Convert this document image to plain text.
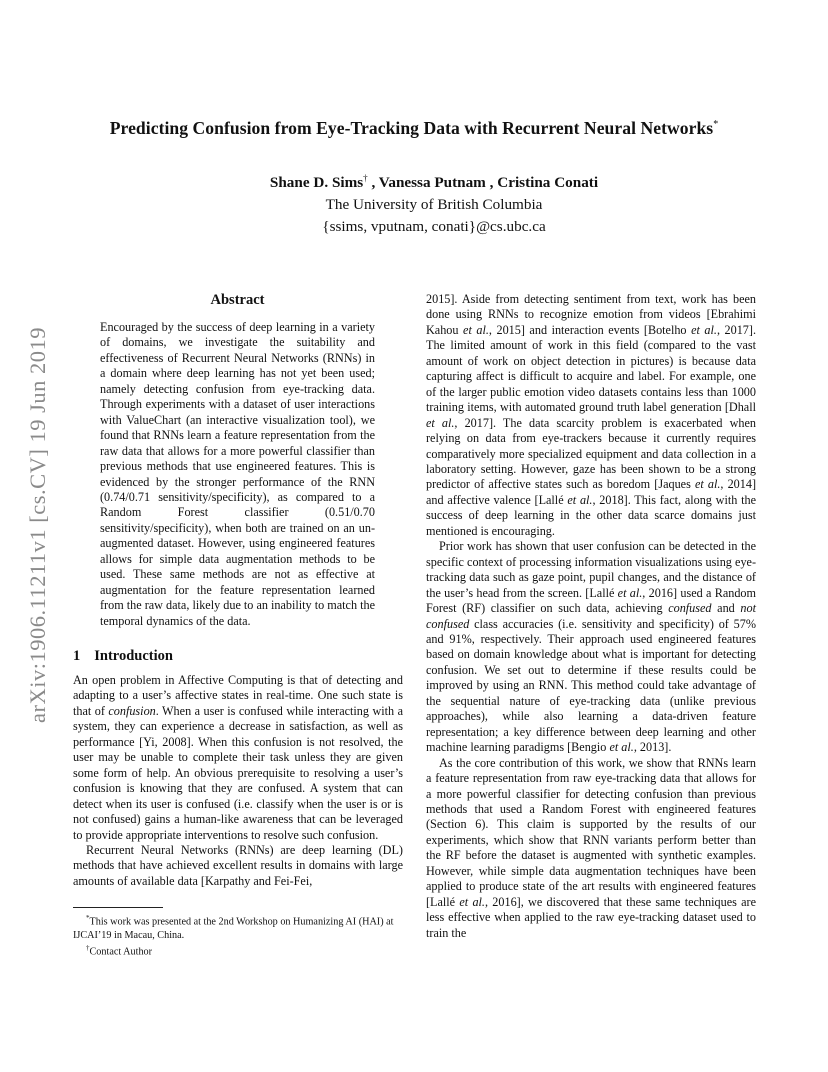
arXiv:1906.11211v1 [cs.CV] 19 Jun 2019
Predicting Confusion from Eye-Tracking Data with Recurrent Neural Networks*
Shane D. Sims† , Vanessa Putnam , Cristina Conati
The University of British Columbia
{ssims, vputnam, conati}@cs.ubc.ca
Abstract

Encouraged by the success of deep learning in a variety of domains, we investigate the suitability and effectiveness of Recurrent Neural Networks (RNNs) in a domain where deep learning has not yet been used; namely detecting confusion from eye-tracking data. Through experiments with a dataset of user interactions with ValueChart (an interactive visualization tool), we found that RNNs learn a feature representation from the raw data that allows for a more powerful classifier than previous methods that use engineered features. This is evidenced by the stronger performance of the RNN (0.74/0.71 sensitivity/specificity), as compared to a Random Forest classifier (0.51/0.70 sensitivity/specificity), when both are trained on an un-augmented dataset. However, using engineered features allows for simple data augmentation methods to be used. These same methods are not as effective at augmentation for the feature representation learned from the raw data, likely due to an inability to match the temporal dynamics of the data.

1 Introduction

An open problem in Affective Computing is that of detecting and adapting to a user’s affective states in real-time. One such state is that of confusion. When a user is confused while interacting with a system, they can experience a decrease in satisfaction, as well as performance [Yi, 2008]. When this confusion is not resolved, the user may be unable to complete their task unless they are given some form of help. An obvious prerequisite to resolving a user’s confusion is knowing that they are confused. A system that can detect when its user is confused (i.e. classify when the user is or is not confused) gains a human-like awareness that can be leveraged to provide appropriate interventions to resolve such confusion.

Recurrent Neural Networks (RNNs) are deep learning (DL) methods that have achieved excellent results in domains with large amounts of available data [Karpathy and Fei-Fei,

*This work was presented at the 2nd Workshop on Humanizing AI (HAI) at IJCAI’19 in Macau, China.

†Contact Author

2015]. Aside from detecting sentiment from text, work has been done using RNNs to recognize emotion from videos [Ebrahimi Kahou et al., 2015] and interaction events [Botelho et al., 2017]. The limited amount of work in this field (compared to the vast amount of work on object detection in pictures) is because data capturing affect is difficult to acquire and label. For example, one of the larger public emotion video datasets contains less than 1000 training items, with automated ground truth label generation [Dhall et al., 2017]. The data scarcity problem is exacerbated when relying on data from eye-trackers because it currently requires comparatively more specialized equipment and data collection in a laboratory setting. However, gaze has been shown to be a strong predictor of affective states such as boredom [Jaques et al., 2014] and affective valence [Lallé et al., 2018]. This fact, along with the success of deep learning in the other data scarce domains just mentioned is encouraging.

Prior work has shown that user confusion can be detected in the specific context of processing information visualizations using eye-tracking data such as gaze point, pupil changes, and the distance of the user’s head from the screen. [Lallé et al., 2016] used a Random Forest (RF) classifier on such data, achieving confused and not confused class accuracies (i.e. sensitivity and specificity) of 57% and 91%, respectively. Their approach used engineered features based on domain knowledge about what is important for detecting confusion. We set out to determine if these results could be improved by using an RNN. This method could take advantage of the sequential nature of eye-tracking data (unlike previous approaches), while also learning a data-driven feature representation; a key difference between deep learning and other machine learning paradigms [Bengio et al., 2013].

As the core contribution of this work, we show that RNNs learn a feature representation from raw eye-tracking data that allows for a more powerful classifier for detecting confusion than previous methods that used a Random Forest with engineered features (Section 6). This claim is supported by the results of our experiments, which show that RNN variants perform better than the RF before the dataset is augmented with synthetic examples. However, while simple data augmentation techniques have been applied to produce state of the art results with engineered features [Lallé et al., 2016], we discovered that these same techniques are less effective when applied to the raw eye-tracking dataset used to train the
